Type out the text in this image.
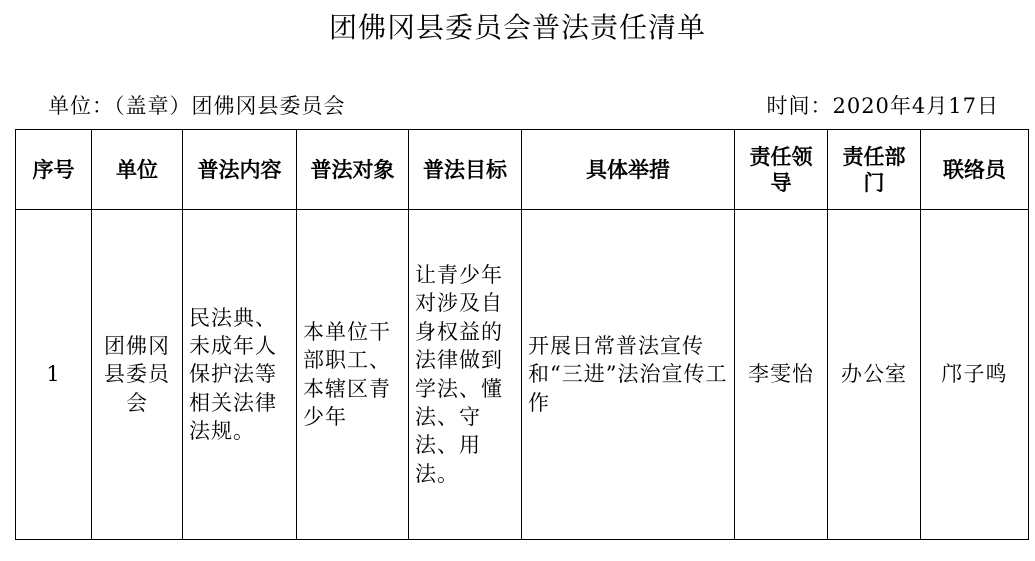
团佛冈县委员会普法责任清单
单位：（盖章）团佛冈县委员会	时间：2020年4月17日
序号	单位	普法内容	普法对象	普法目标	具体举措	责任领导	责任部门	联络员
1	团佛冈县委员会	民法典、未成年人保护法等相关法律法规。	本单位干部职工、本辖区青少年	让青少年对涉及自身权益的法律做到学法、懂法、守法、用法。	开展日常普法宣传和“三进”法治宣传工作	李雯怡	办公室	邝子鸣
